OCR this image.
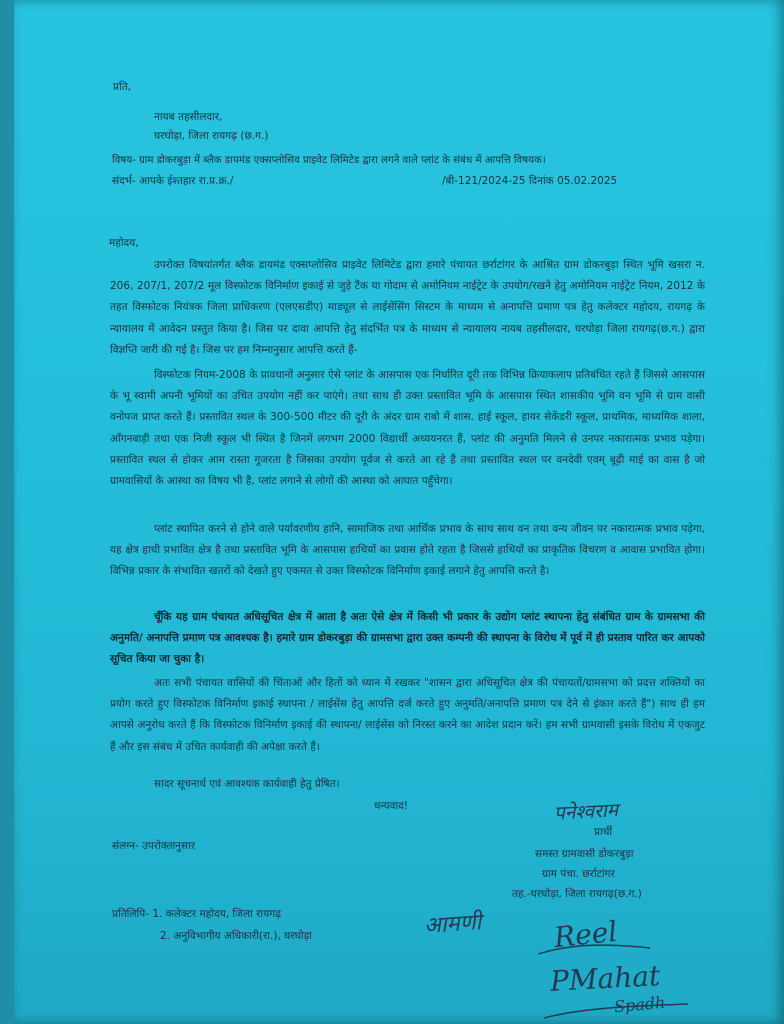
प्रति,
नायब तहसीलदार,
घरघोड़ा, जिला रायगढ़ (छ.ग.)
विषय- ग्राम डोकरबुड़ा में ब्लैक डायमंड एक्सप्लोसिव प्राइवेट लिमिटेड द्वारा लगने वाले प्लांट के संबंध में आपत्ति विषयक।
संदर्भ- आपके ईश्तहार रा.प्र.क्र./	/बी-121/2024-25 दिनांक 05.02.2025
महोदय,
उपरोक्त विषयांतर्गत ब्लैक डायमंड एक्सप्लोसिव प्राइवेट लिमिटेड द्वारा हमारे पंचायत छर्राटांगर के आश्रित ग्राम डोकरबुड़ा स्थित भूमि खसरा न. 206, 207/1, 207/2 मूल विस्फोटक विनिर्माण इकाई से जुड़े टैंक या गोदाम से अमोनियम नाईट्रेट के उपयोग/रखने हेतु अमोनियम नाईट्रेट नियम, 2012 के तहत विस्फोटक नियंत्रक जिला प्राधिकरण (एलएसडीए) माड्यूल से लाईसेंसिंग सिस्टम के माध्यम से अनापत्ति प्रमाण पत्र हेतु कलेक्टर महोदय, रायगढ़ के न्यायालय में आवेदन प्रस्तुत किया है। जिस पर दावा आपत्ति हेतु संदर्भित पत्र के माध्यम से न्यायालय नायब तहसीलदार, घरघोड़ा जिला रायगढ़(छ.ग.) द्वारा विज्ञप्ति जारी की गई है। जिस पर हम निम्नानुसार आपत्ति करते हैं-
विस्फोटक नियम-2008 के प्रावधानों अनुसार ऐसे प्लांट के आसपास एक निर्धारित दूरी तक विभिन्न क्रियाकलाप प्रतिबंधित रहते हैं जिससे आसपास के भू स्वामी अपनी भूमियों का उचित उपयोग नहीं कर पाएंगे। तथा साथ ही उक्त प्रस्तावित भूमि के आसपास स्थित शासकीय भूमि वन भूमि से ग्राम वासी वनोपज प्राप्त करते हैं। प्रस्तावित स्थल के 300-500 मीटर की दूरी के अंदर ग्राम राबो में शास. हाई स्कूल, हायर सेकेंडरी स्कूल, प्राथमिक, माध्यमिक शाला, आँगनबाड़ी तथा एक निजी स्कूल भी स्थित है जिनमें लगभग 2000 विद्यार्थी अध्ययनरत हैं, प्लांट की अनुमति मिलने से उनपर नकारात्मक प्रभाव पड़ेगा। प्रस्तावित स्थल से होकर आम रास्ता गुजरता है जिसका उपयोग पूर्वज से करते आ रहे हैं तथा प्रस्तावित स्थल पर वनदेवी एवम् बूढ़ी माई का वास है जो ग्रामवासियों के आस्था का विषय भी है, प्लांट लगाने से लोगों की आस्था को आघात पहुँचेगा।
प्लांट स्थापित करने से होने वाले पर्यावरणीय हानि, सामाजिक तथा आर्थिक प्रभाव के साथ साथ वन तथा वन्य जीवन पर नकारात्मक प्रभाव पड़ेगा, यह क्षेत्र हाथी प्रभावित क्षेत्र है तथा प्रस्तावित भूमि के आसपास हाथियों का प्रवास होते रहता है जिससे हाथियों का प्राकृतिक विचरण व आवास प्रभावित होगा। विभिन्न प्रकार के संभावित खतरों को देखते हुए एकमत से उक्त विस्फोटक विनिर्माण इकाई लगाने हेतु आपत्ति करते है।
चूँकि यह ग्राम पंचायत अधिसूचित क्षेत्र में आता है अतः ऐसे क्षेत्र में किसी भी प्रकार के उद्योग प्लांट स्थापना हेतु संबंधित ग्राम के ग्रामसभा की अनुमति/ अनापत्ति प्रमाण पत्र आवश्यक है। हमारे ग्राम डोकरबुड़ा की ग्रामसभा द्वारा उक्त कम्पनी की स्थापना के विरोध में पूर्व में ही प्रस्ताव पारित कर आपको सूचित किया जा चुका है।
अतः सभी पंचायत वासियों की चिंताओं और हितों को ध्यान में रखकर "शासन द्वारा अधिसूचित क्षेत्र की पंचायतों/ग्रामसभा को प्रदत्त शक्तियों का प्रयोग करते हुए विस्फोटक विनिर्माण इकाई स्थापना / लाईसेंस हेतु आपत्ति दर्ज करते हुए अनुमति/अनापत्ति प्रमाण पत्र देने से इंकार करते हैं") साथ ही हम आपसे अनुरोध करते हैं कि विस्फोटक विनिर्माण इकाई की स्थापना/ लाईसेंस को निरस्त करने का आदेश प्रदान करें। हम सभी ग्रामवासी इसके विरोध में एकजुट हैं और इस संबंध में उचित कार्यवाही की अपेक्षा करते हैं।
सादर सूचनार्थ एवं आवश्यक कार्यवाही हेतु प्रेषित।
धन्यवाद!	पनेश्वराम
प्रार्थी
संलग्न- उपरोक्तानुसार
समस्त ग्रामवासी डोकरबुड़ा
ग्राम पंचा. छर्राटांगर
तह.-घरघोड़ा, जिला रायगढ़(छ.ग.)
प्रतिलिपि- 1. कलेक्टर महोदय, जिला रायगढ़
2. अनुविभागीय अधिकारी(रा.), घरघोड़ा	आमणी	Reel
PMahat
Spadh
